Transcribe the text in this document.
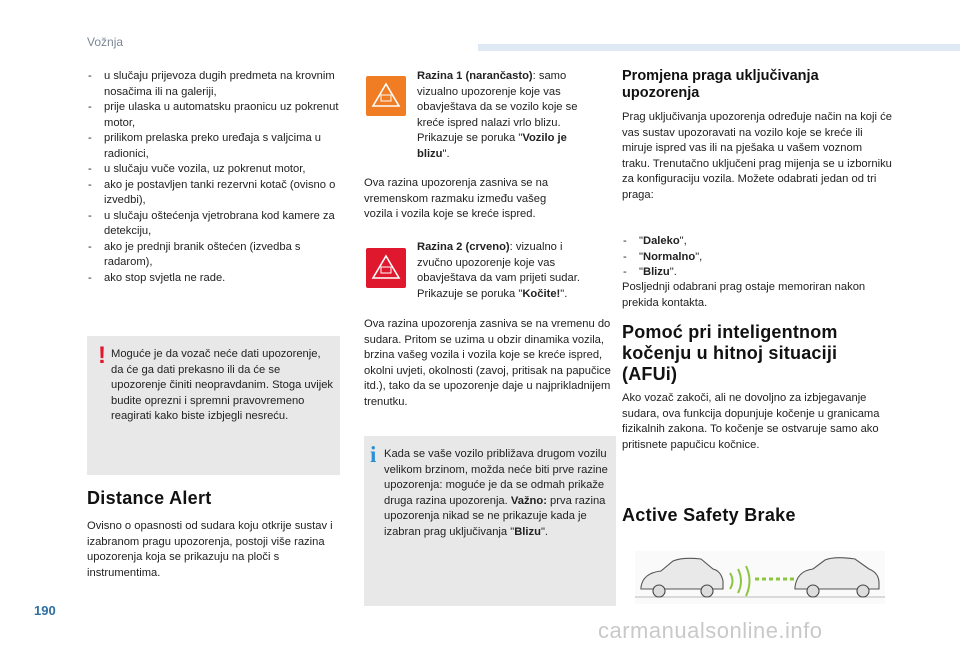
Vožnja
- u slučaju prijevoza dugih predmeta na krovnim nosačima ili na galeriji,
- prije ulaska u automatsku praonicu uz pokrenut motor,
- prilikom prelaska preko uređaja s valjcima u radionici,
- u slučaju vuče vozila, uz pokrenut motor,
- ako je postavljen tanki rezervni kotač (ovisno o izvedbi),
- u slučaju oštećenja vjetrobrana kod kamere za detekciju,
- ako je prednji branik oštećen (izvedba s radarom),
- ako stop svjetla ne rade.
! Moguće je da vozač neće dati upozorenje, da će ga dati prekasno ili da će se upozorenje činiti neopravdanim. Stoga uvijek budite oprezni i spremni pravovremeno reagirati kako biste izbjegli nesreću.
Distance Alert
Ovisno o opasnosti od sudara koju otkrije sustav i izabranom pragu upozorenja, postoji više razina upozorenja koja se prikazuju na ploči s instrumentima.
Razina 1 (narančasto): samo vizualno upozorenje koje vas obavještava da se vozilo koje se kreće ispred nalazi vrlo blizu. Prikazuje se poruka "Vozilo je blizu".
Ova razina upozorenja zasniva se na vremenskom razmaku između vašeg vozila i vozila koje se kreće ispred.
Razina 2 (crveno): vizualno i zvučno upozorenje koje vas obavještava da vam prijeti sudar. Prikazuje se poruka "Kočite!".
Ova razina upozorenja zasniva se na vremenu do sudara. Pritom se uzima u obzir dinamika vozila, brzina vašeg vozila i vozila koje se kreće ispred, okolni uvjeti, okolnosti (zavoj, pritisak na papučice itd.), tako da se upozorenje daje u najprikladnijem trenutku.
i Kada se vaše vozilo približava drugom vozilu velikom brzinom, možda neće biti prve razine upozorenja: moguće je da se odmah prikaže druga razina upozorenja. Važno: prva razina upozorenja nikad se ne prikazuje kada je izabran prag uključivanja "Blizu".
Promjena praga uključivanja upozorenja
Prag uključivanja upozorenja određuje način na koji će vas sustav upozoravati na vozilo koje se kreće ili miruje ispred vas ili na pješaka u vašem voznom traku. Trenutačno uključeni prag mijenja se u izborniku za konfiguraciju vozila. Možete odabrati jedan od tri praga:
- "Daleko",
- "Normalno",
- "Blizu".
Posljednji odabrani prag ostaje memoriran nakon prekida kontakta.
Pomoć pri inteligentnom kočenju u hitnoj situaciji (AFUi)
Ako vozač zakoči, ali ne dovoljno za izbjegavanje sudara, ova funkcija dopunjuje kočenje u granicama fizikalnih zakona. To kočenje se ostvaruje samo ako pritisnete papučicu kočnice.
Active Safety Brake
190
carmanualsonline.info
